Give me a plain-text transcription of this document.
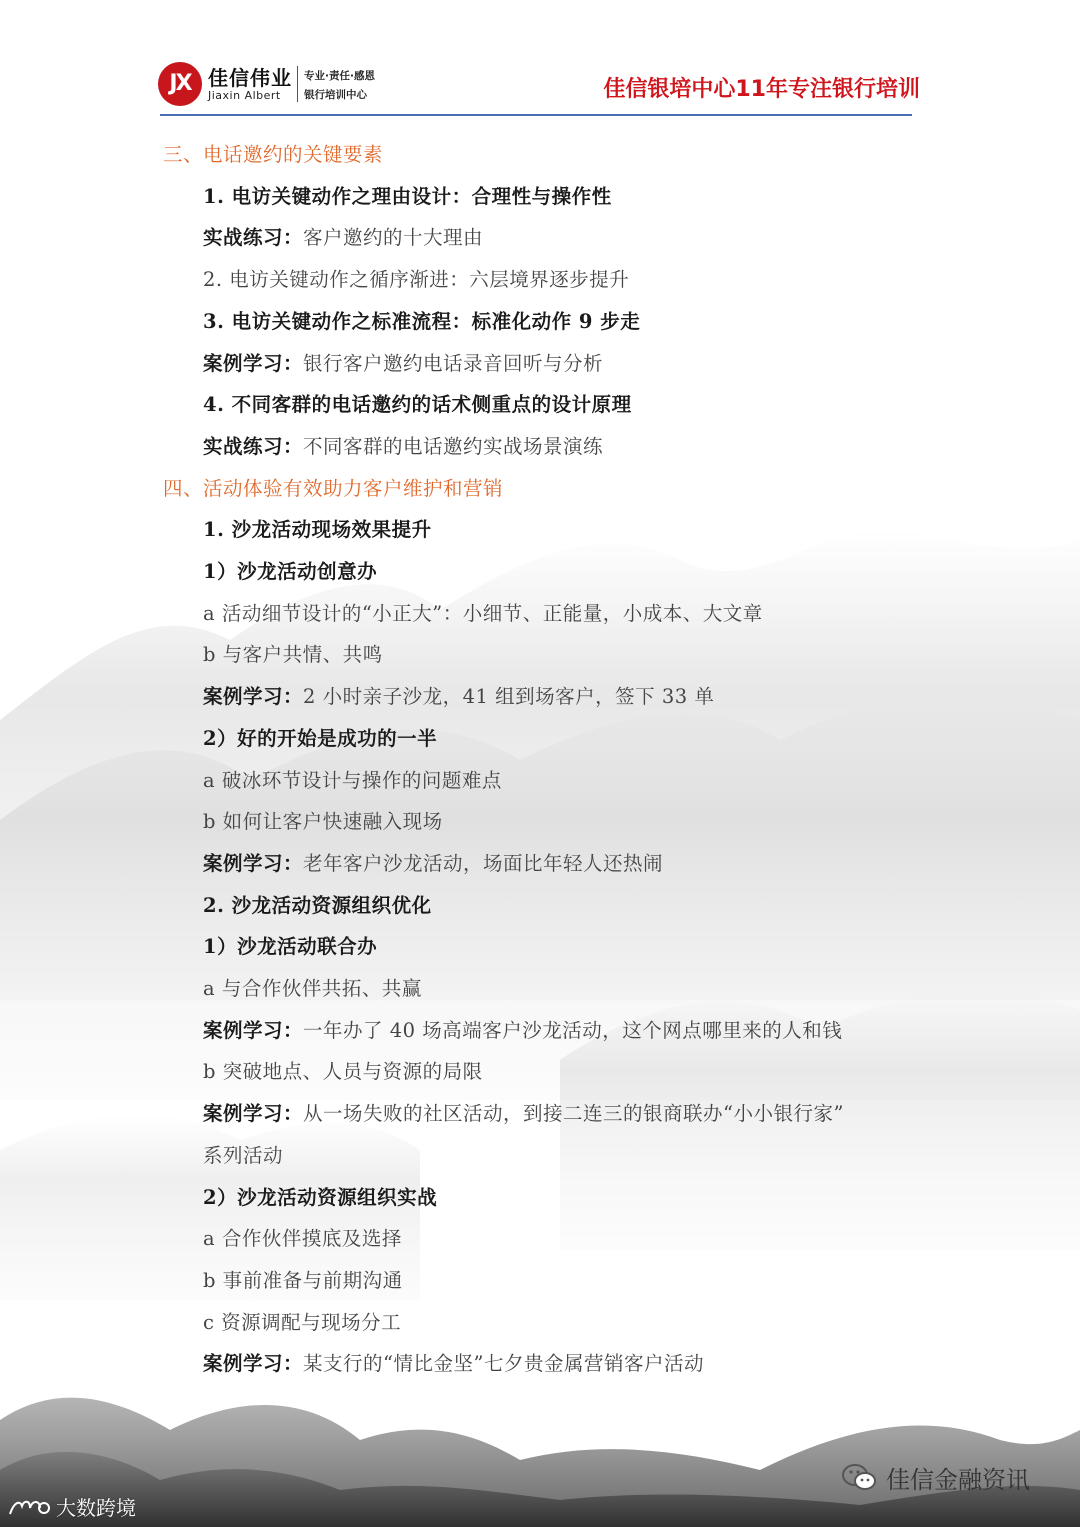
JX 佳信伟业
Jiaxin Albert
专业·责任·感恩
银行培训中心	佳信银培中心11年专注银行培训
三、电话邀约的关键要素
1. 电访关键动作之理由设计：合理性与操作性
实战练习：客户邀约的十大理由
2. 电访关键动作之循序渐进：六层境界逐步提升
3. 电访关键动作之标准流程：标准化动作 9 步走
案例学习：银行客户邀约电话录音回听与分析
4. 不同客群的电话邀约的话术侧重点的设计原理
实战练习：不同客群的电话邀约实战场景演练
四、活动体验有效助力客户维护和营销
1. 沙龙活动现场效果提升
1）沙龙活动创意办
a 活动细节设计的“小正大”：小细节、正能量，小成本、大文章
b 与客户共情、共鸣
案例学习：2 小时亲子沙龙，41 组到场客户，签下 33 单
2）好的开始是成功的一半
a 破冰环节设计与操作的问题难点
b 如何让客户快速融入现场
案例学习：老年客户沙龙活动，场面比年轻人还热闹
2. 沙龙活动资源组织优化
1）沙龙活动联合办
a 与合作伙伴共拓、共赢
案例学习：一年办了 40 场高端客户沙龙活动，这个网点哪里来的人和钱
b 突破地点、人员与资源的局限
案例学习：从一场失败的社区活动，到接二连三的银商联办“小小银行家”
系列活动
2）沙龙活动资源组织实战
a 合作伙伴摸底及选择
b 事前准备与前期沟通
c 资源调配与现场分工
案例学习：某支行的“情比金坚”七夕贵金属营销客户活动
大数跨境
佳信金融资讯
